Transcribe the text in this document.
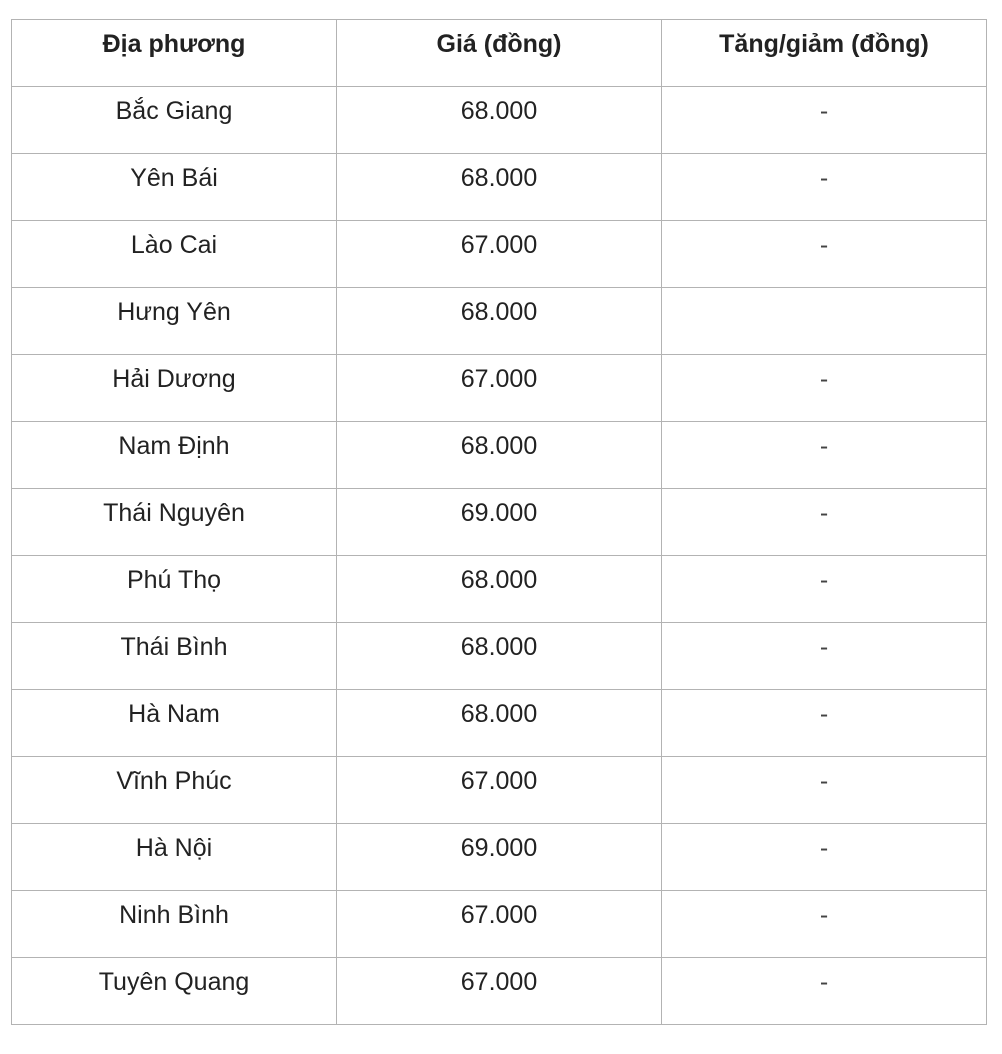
Địa phương	Giá (đồng)	Tăng/giảm (đồng)
Bắc Giang	68.000	-
Yên Bái	68.000	-
Lào Cai	67.000	-
Hưng Yên	68.000	
Hải Dương	67.000	-
Nam Định	68.000	-
Thái Nguyên	69.000	-
Phú Thọ	68.000	-
Thái Bình	68.000	-
Hà Nam	68.000	-
Vĩnh Phúc	67.000	-
Hà Nội	69.000	-
Ninh Bình	67.000	-
Tuyên Quang	67.000	-
